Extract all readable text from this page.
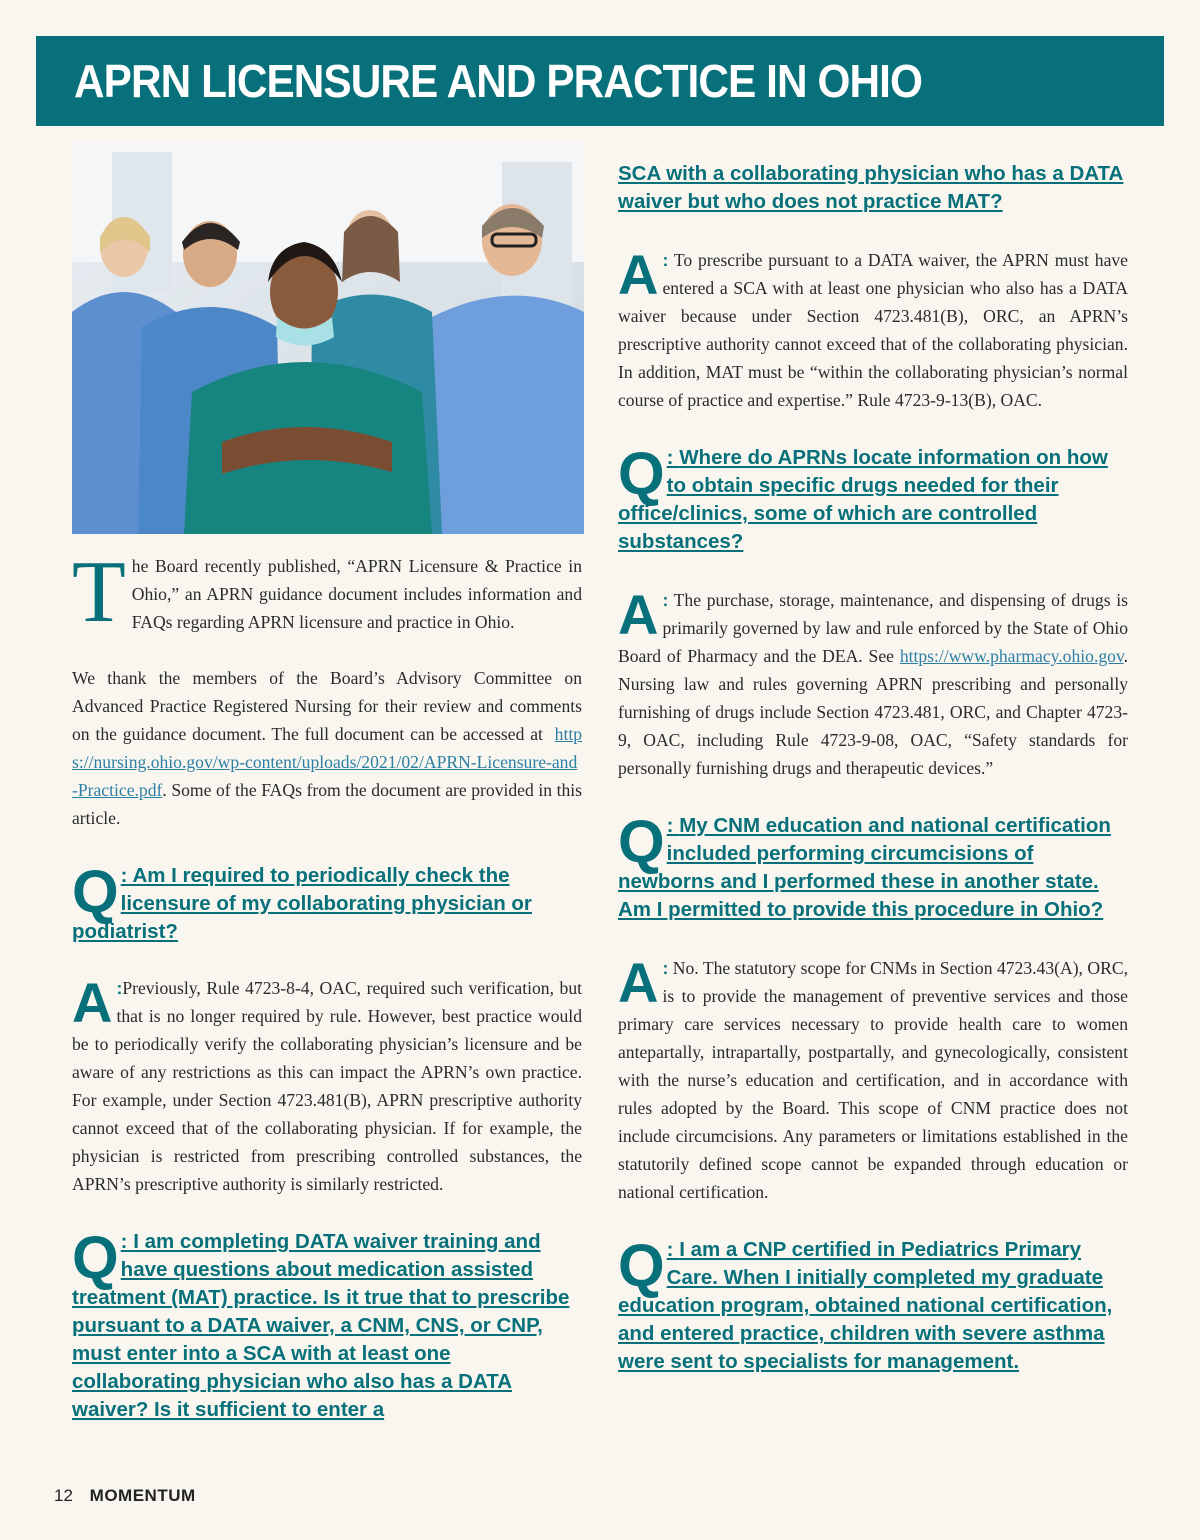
APRN LICENSURE AND PRACTICE IN OHIO

The Board recently published, “APRN Licensure & Practice in Ohio,” an APRN guidance document includes information and FAQs regarding APRN licensure and practice in Ohio.

We thank the members of the Board’s Advisory Committee on Advanced Practice Registered Nursing for their review and comments on the guidance document. The full document can be accessed at https://nursing.ohio.gov/wp-content/uploads/2021/02/APRN-Licensure-and-Practice.pdf. Some of the FAQs from the document are provided in this article.

Q : Am I required to periodically check the licensure of my collaborating physician or podiatrist?
A :Previously, Rule 4723-8-4, OAC, required such verification, but that is no longer required by rule. However, best practice would be to periodically verify the collaborating physician’s licensure and be aware of any restrictions as this can impact the APRN’s own practice. For example, under Section 4723.481(B), APRN prescriptive authority cannot exceed that of the collaborating physician. If for example, the physician is restricted from prescribing controlled substances, the APRN’s prescriptive authority is similarly restricted.

Q : I am completing DATA waiver training and have questions about medication assisted treatment (MAT) practice. Is it true that to prescribe pursuant to a DATA waiver, a CNM, CNS, or CNP, must enter into a SCA with at least one collaborating physician who also has a DATA waiver? Is it sufficient to enter a
SCA with a collaborating physician who has a DATA waiver but who does not practice MAT?
A : To prescribe pursuant to a DATA waiver, the APRN must have entered a SCA with at least one physician who also has a DATA waiver because under Section 4723.481(B), ORC, an APRN’s prescriptive authority cannot exceed that of the collaborating physician. In addition, MAT must be “within the collaborating physician’s normal course of practice and expertise.” Rule 4723-9-13(B), OAC.

Q : Where do APRNs locate information on how to obtain specific drugs needed for their office/clinics, some of which are controlled substances?
A : The purchase, storage, maintenance, and dispensing of drugs is primarily governed by law and rule enforced by the State of Ohio Board of Pharmacy and the DEA. See https://www.pharmacy.ohio.gov. Nursing law and rules governing APRN prescribing and personally furnishing of drugs include Section 4723.481, ORC, and Chapter 4723-9, OAC, including Rule 4723-9-08, OAC, “Safety standards for personally furnishing drugs and therapeutic devices.”

Q : My CNM education and national certification included performing circumcisions of newborns and I performed these in another state. Am I permitted to provide this procedure in Ohio?
A : No. The statutory scope for CNMs in Section 4723.43(A), ORC, is to provide the management of preventive services and those primary care services necessary to provide health care to women antepartally, intrapartally, postpartally, and gynecologically, consistent with the nurse’s education and certification, and in accordance with rules adopted by the Board. This scope of CNM practice does not include circumcisions. Any parameters or limitations established in the statutorily defined scope cannot be expanded through education or national certification.

Q : I am a CNP certified in Pediatrics Primary Care. When I initially completed my graduate education program, obtained national certification, and entered practice, children with severe asthma were sent to specialists for management.
12 MOMENTUM
